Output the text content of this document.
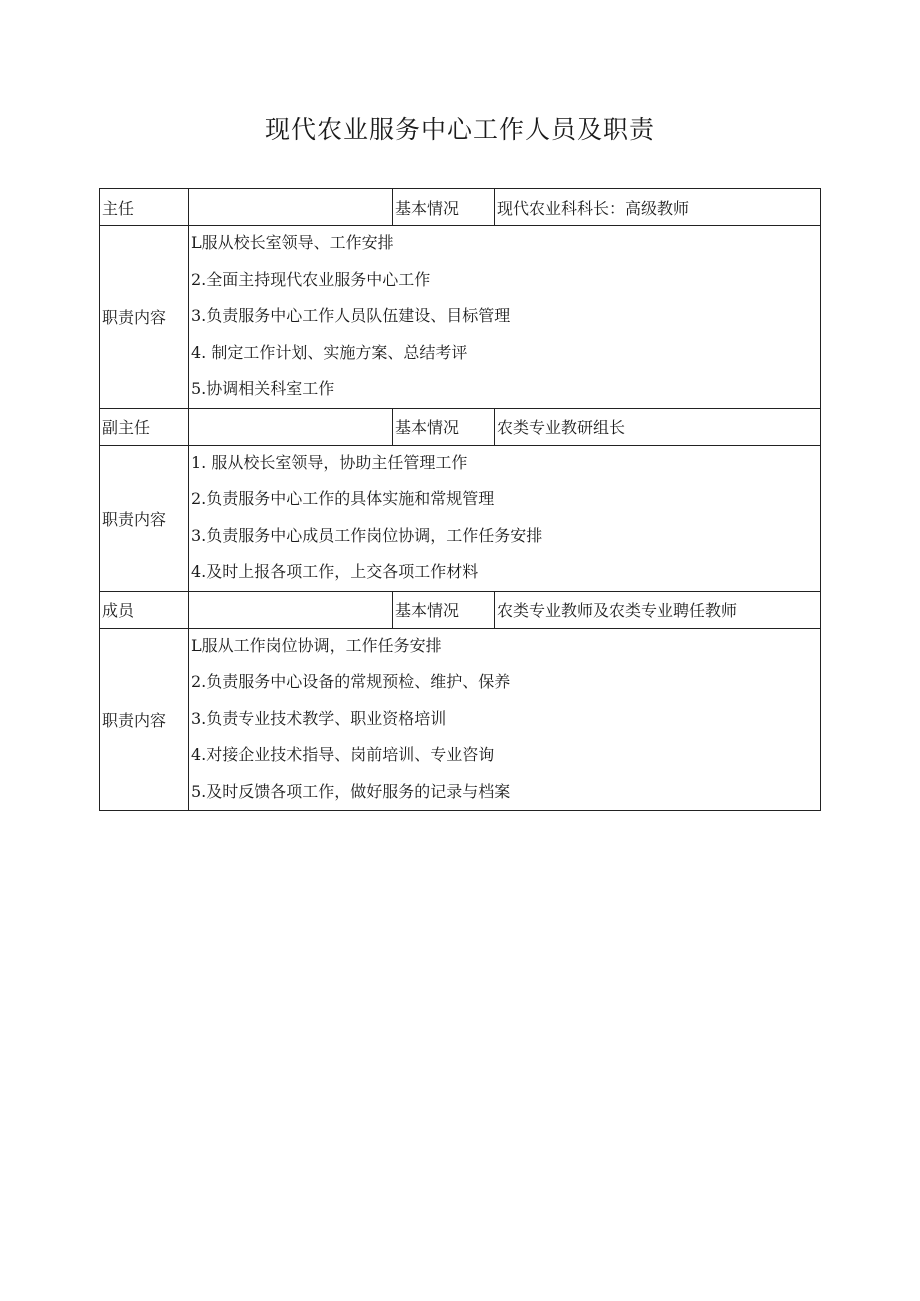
现代农业服务中心工作人员及职责
主任		基本情况	现代农业科科长：高级教师
职责内容	L服从校长室领导、工作安排
2.全面主持现代农业服务中心工作
3.负责服务中心工作人员队伍建设、目标管理
4. 制定工作计划、实施方案、总结考评
5.协调相关科室工作		

副主任		基本情况	农类专业教研组长
职责内容	1. 服从校长室领导，协助主任管理工作
2.负责服务中心工作的具体实施和常规管理
3.负责服务中心成员工作岗位协调，工作任务安排
4.及时上报各项工作，上交各项工作材料		

成员		基本情况	农类专业教师及农类专业聘任教师
职责内容	L服从工作岗位协调，工作任务安排
2.负责服务中心设备的常规预检、维护、保养
3.负责专业技术教学、职业资格培训
4.对接企业技术指导、岗前培训、专业咨询
5.及时反馈各项工作，做好服务的记录与档案		
